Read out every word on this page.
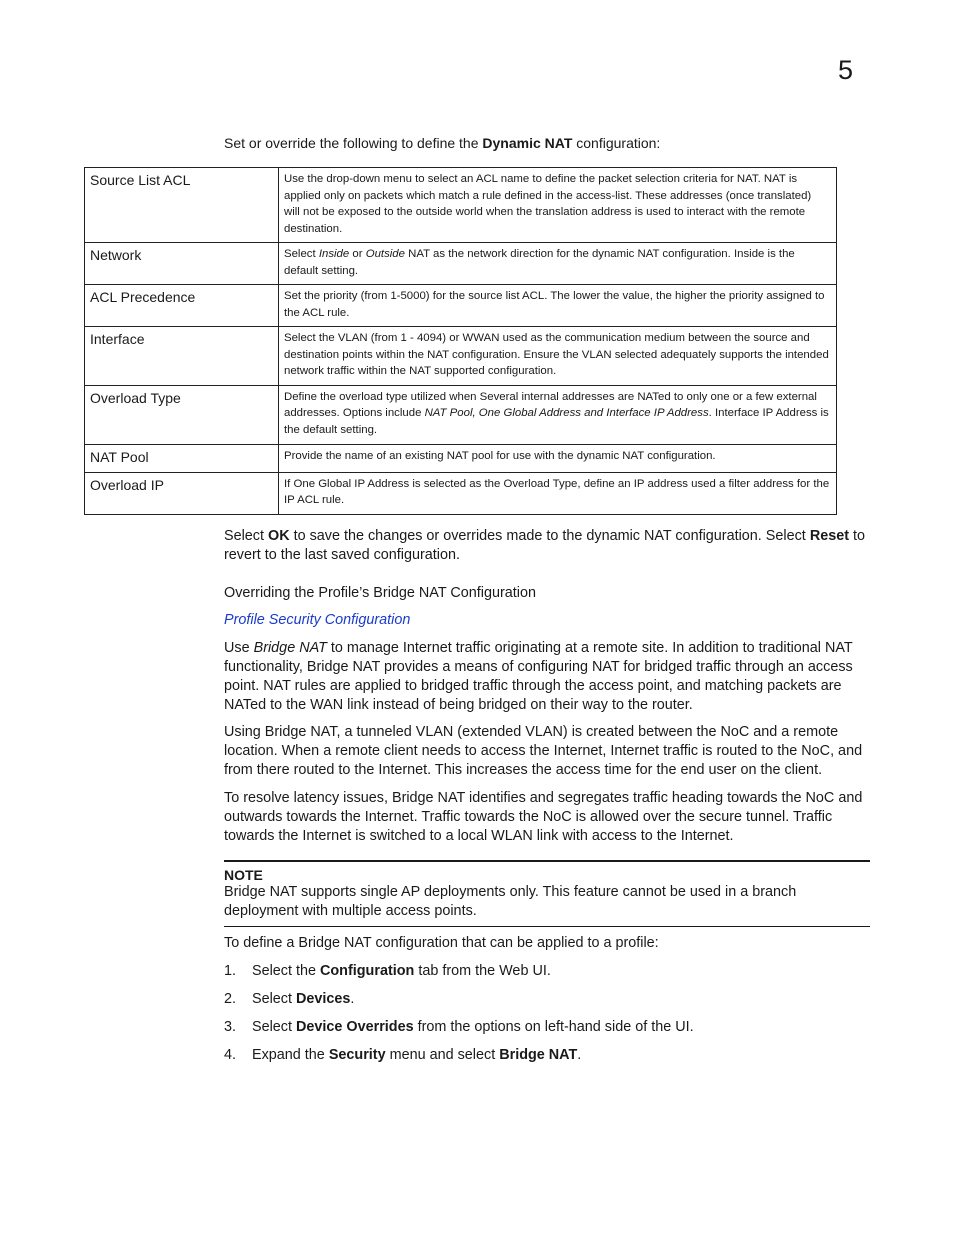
5
Set or override the following to define the Dynamic NAT configuration:
Source List ACL	Use the drop-down menu to select an ACL name to define the packet selection criteria for NAT. NAT is applied only on packets which match a rule defined in the access-list. These addresses (once translated) will not be exposed to the outside world when the translation address is used to interact with the remote destination.
Network	Select Inside or Outside NAT as the network direction for the dynamic NAT configuration. Inside is the default setting.
ACL Precedence	Set the priority (from 1-5000) for the source list ACL. The lower the value, the higher the priority assigned to the ACL rule.
Interface	Select the VLAN (from 1 - 4094) or WWAN used as the communication medium between the source and destination points within the NAT configuration. Ensure the VLAN selected adequately supports the intended network traffic within the NAT supported configuration.
Overload Type	Define the overload type utilized when Several internal addresses are NATed to only one or a few external addresses. Options include NAT Pool, One Global Address and Interface IP Address. Interface IP Address is the default setting.
NAT Pool	Provide the name of an existing NAT pool for use with the dynamic NAT configuration.
Overload IP	If One Global IP Address is selected as the Overload Type, define an IP address used a filter address for the IP ACL rule.

Select OK to save the changes or overrides made to the dynamic NAT configuration. Select Reset to revert to the last saved configuration.

Overriding the Profile’s Bridge NAT Configuration
Profile Security Configuration

Use Bridge NAT to manage Internet traffic originating at a remote site. In addition to traditional NAT functionality, Bridge NAT provides a means of configuring NAT for bridged traffic through an access point. NAT rules are applied to bridged traffic through the access point, and matching packets are NATed to the WAN link instead of being bridged on their way to the router.

Using Bridge NAT, a tunneled VLAN (extended VLAN) is created between the NoC and a remote location. When a remote client needs to access the Internet, Internet traffic is routed to the NoC, and from there routed to the Internet. This increases the access time for the end user on the client.

To resolve latency issues, Bridge NAT identifies and segregates traffic heading towards the NoC and outwards towards the Internet. Traffic towards the NoC is allowed over the secure tunnel. Traffic towards the Internet is switched to a local WLAN link with access to the Internet.

NOTE
Bridge NAT supports single AP deployments only. This feature cannot be used in a branch deployment with multiple access points.
To define a Bridge NAT configuration that can be applied to a profile:
1. Select the Configuration tab from the Web UI.
2. Select Devices.
3. Select Device Overrides from the options on left-hand side of the UI.
4. Expand the Security menu and select Bridge NAT.
